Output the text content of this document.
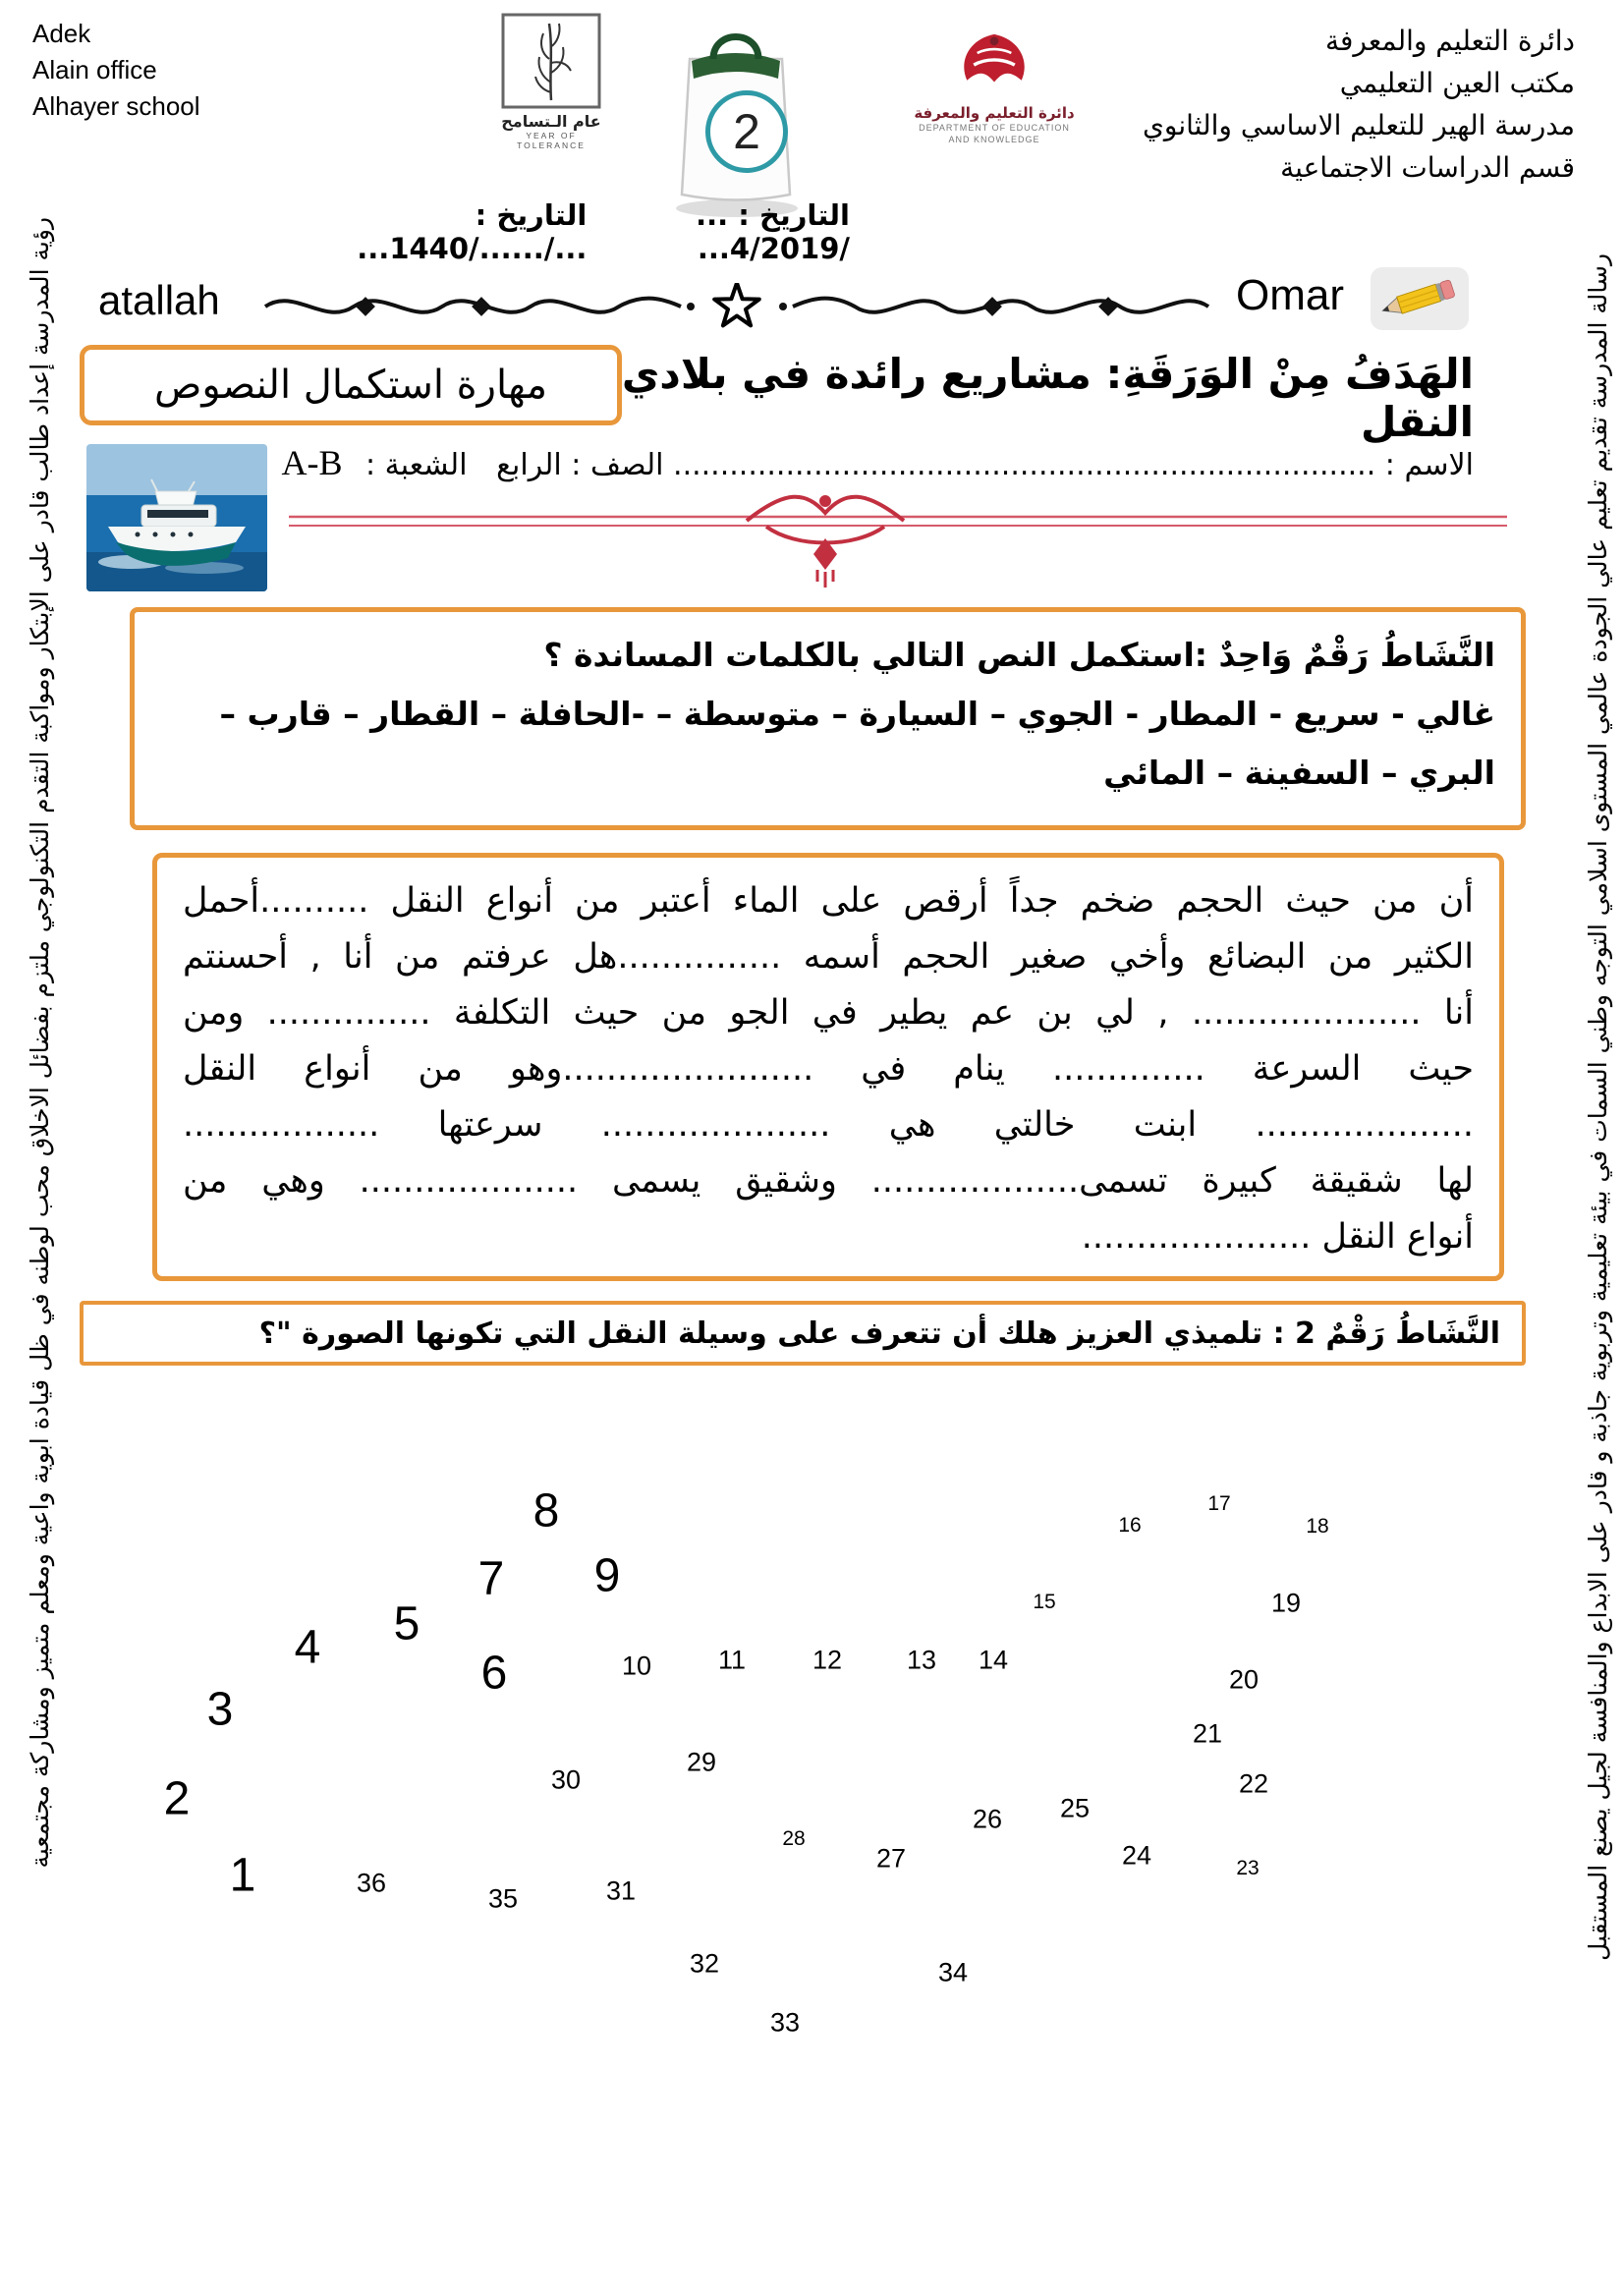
Adek
Alain office
Alhayer school
عام الـتسامح
YEAR OF TOLERANCE	2	دائرة التعليم والمعرفة
DEPARTMENT OF EDUCATION
AND KNOWLEDGE
دائرة التعليم والمعرفة
مكتب العين التعليمي
مدرسة الهير للتعليم الاساسي والثانوي
قسم الدراسات الاجتماعية
التاريخ : ... /4/2019...
التاريخ : .../....../1440...
atallah	Omar
الهَدَفُ مِنْ الوَرَقَةِ: مشاريع رائدة في بلادي النقل
مهارة استكمال النصوص
الاسم : ........................................................................... الصف : الرابع الشعبة : A-B
النَّشَاطُ رَقْمٌ وَاحِدٌ :استكمل النص التالي بالكلمات المساندة ؟
غالي - سريع - المطار - الجوي – السيارة – متوسطة – -الحافلة – القطار – قارب –
البري – السفينة – المائي
أن من حيث الحجم ضخم جداً أرقص على الماء أعتبر من أنواع النقل ..........أحمل
الكثير من البضائع وأخي صغير الحجم أسمه ...............هل عرفتم من أنا , أحسنتم
أنا ..................... , لي بن عم يطير في الجو من حيث التكلفة ............... ومن
حيث السرعة .............. ينام في .......................وهو من أنواع النقل
.................... ابنت خالتي هي ..................... سرعتها ..................
لها شقيقة كبيرة تسمى................... وشقيق يسمى .................... وهي من
أنواع النقل .....................
النَّشَاطُ رَقْمٌ 2 : تلميذي العزيز هلك أن تتعرف على وسيلة النقل التي تكونها الصورة "؟
1
2
3
4 5
6
7
8
9
10	11	12 13 14
15
16
17
18
19
20
21
22
23
24
25
26
27
28
29
30
31
32
33
34
35
36	رسالة المدرسة تقديم تعليم عالي الجودة عالمي المستوى اسلامي التوجه وطني السمات في بيئة تعليمية وتربوية جاذبة و قادر على الابداع والمنافسة لجيل يصنع المستقبل
رؤية المدرسة إعداد طالب قادر على الإبتكار ومواكبة التقدم التكنولوجي ملتزم بفضائل الاخلاق محب لوطنه في ظل قيادة ابوية واعية ومعلم متميز ومشاركة مجتمعية
